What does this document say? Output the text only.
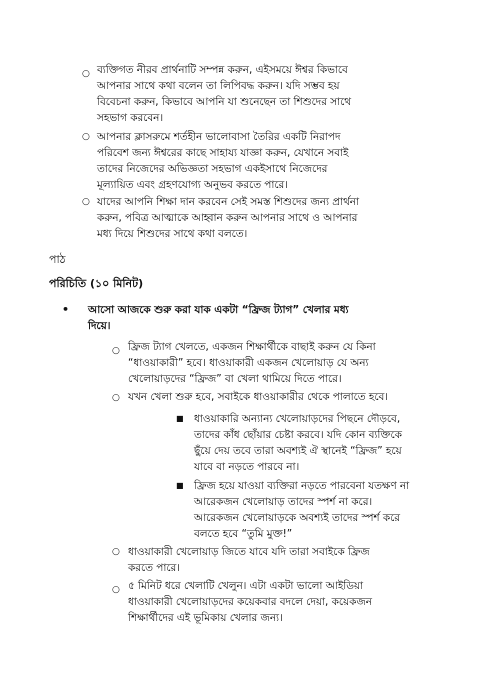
○ ব্যক্তিগত নীরব প্রার্থনাটি সম্পন্ন করুন, এইসময়ে ঈশ্বর কিভাবে

আপনার সাথে কথা বলেন তা লিপিবদ্ধ করুন। যদি সম্ভব হয়

বিবেচনা করুন, কিভাবে আপনি যা শুনেছেন তা শিশুদের সাথে

সহভাগ করবেন।

○ আপনার ক্লাসরুমে শর্তহীন ভালোবাসা তৈরির একটি নিরাপদ

পরিবেশ জন্য ঈশ্বরের কাছে সাহায্য যাজ্ঞা করুন, যেখানে সবাই

তাদের নিজেদের অভিজ্ঞতা সহভাগ একইসাথে নিজেদের

মূল্যায়িত এবং গ্রহণযোগ্য অনুভব করতে পারে।

○ যাদের আপনি শিক্ষা দান করবেন সেই সমস্ত শিশুদের জন্য প্রার্থনা

করুন, পবিত্র আত্মাকে আহ্বান করুন আপনার সাথে ও আপনার

মধ্য দিয়ে শিশুদের সাথে কথা বলতে।

পাঠ
পরিচিতি (১০ মিনিট)
• আসো আজকে শুরু করা যাক একটা “ফ্রিজ ট্যাগ” খেলার মধ্য

দিয়ে।

○ ফ্রিজ ট্যাগ খেলতে, একজন শিক্ষার্থীকে বাছাই করুন যে কিনা

“ধাওয়াকারী” হবে। ধাওয়াকারী একজন খেলোয়াড় যে অন্য

খেলোয়াড়দের “ফ্রিজ” বা খেলা থামিয়ে দিতে পারে।

○ যখন খেলা শুরু হবে, সবাইকে ধাওয়াকারীর থেকে পালাতে হবে।

■ ধাওয়াকারি অন্যান্য খেলোয়াড়দের পিছনে দৌড়বে,

তাদের কাঁধ ছোঁয়ার চেষ্টা করবে। যদি কোন ব্যক্তিকে

ছুঁয়ে দেয় তবে তারা অবশ্যই ঐ স্থানেই “ফ্রিজ” হয়ে

যাবে বা নড়তে পারবে না।

■ ফ্রিজ হয়ে যাওয়া ব্যক্তিরা নড়তে পারবেনা যতক্ষণ না

আরেকজন খেলোয়াড় তাদের স্পর্শ না করে।

আরেকজন খেলোয়াড়কে অবশ্যই তাদের স্পর্শ করে

বলতে হবে “তুমি মুক্ত!”

○ ধাওয়াকারী খেলোয়াড় জিতে যাবে যদি তারা সবাইকে ফ্রিজ

করতে পারে।

○ ৫ মিনিট ধরে খেলাটি খেলুন। এটা একটা ভালো আইডিয়া

ধাওয়াকারী খেলোয়াড়দের কয়েকবার বদলে দেয়া, কয়েকজন

শিক্ষার্থীদের এই ভূমিকায় খেলার জন্য।
